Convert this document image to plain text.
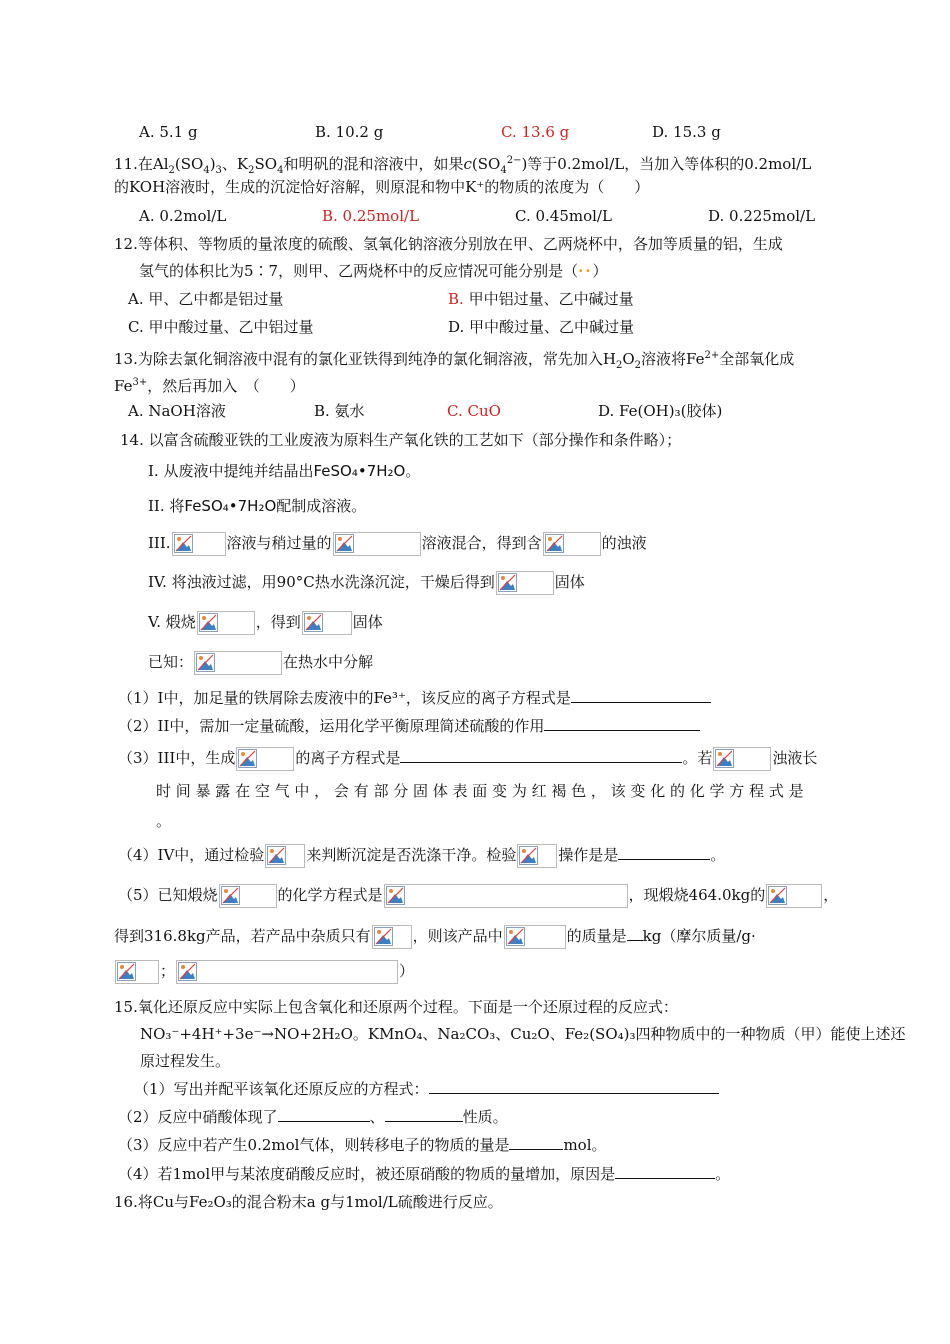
A. 5.1 g	B. 10.2 g	C. 13.6 g	D. 15.3 g
11.在$Al_2(SO_4)_3$、$K_2SO_4$和明矾的混和溶液中，如果$c(SO_4^{2-})$等于0.2mol/L，当加入等体积的0.2mol/L
的KOH溶液时，生成的沉淀恰好溶解，则原混和物中K⁺的物质的浓度为（　　）
A. 0.2mol/L	B. 0.25mol/L	C. 0.45mol/L	D. 0.225mol/L
12.等体积、等物质的量浓度的硫酸、氢氧化钠溶液分别放在甲、乙两烧杯中，各加等质量的铝，生成
氢气的体积比为5∶7，则甲、乙两烧杯中的反应情况可能分别是（··）
A. 甲、乙中都是铝过量	B. 甲中铝过量、乙中碱过量
C. 甲中酸过量、乙中铝过量	D. 甲中酸过量、乙中碱过量
13.为除去氯化铜溶液中混有的氯化亚铁得到纯净的氯化铜溶液，常先加入$H_2O_2$溶液将$Fe^{2+}$全部氧化成
$Fe^{3+}$，然后再加入　（　　）
A. NaOH溶液	B. 氨水	C. CuO	D. Fe(OH)₃(胶体)
14. 以富含硫酸亚铁的工业废液为原料生产氧化铁的工艺如下（部分操作和条件略）；
I. 从废液中提纯并结晶出FeSO₄•7H₂O。
II. 将FeSO₄•7H₂O配制成溶液。
III.	溶液与稍过量的	溶液混合，得到含	的浊液
IV. 将浊液过滤，用90°C热水洗涤沉淀，干燥后得到	固体
V. 煅烧	，得到	固体
已知：	在热水中分解
（1）I中，加足量的铁屑除去废液中的Fe³⁺，该反应的离子方程式是
（2）II中，需加一定量硫酸，运用化学平衡原理简述硫酸的作用
（3）III中，生成	的离子方程式是	。若	浊液长
时 间 暴 露 在 空 气 中 ， 会 有 部 分 固 体 表 面 变 为 红 褐 色 ， 该 变 化 的 化 学 方 程 式 是
。
（4）IV中，通过检验	来判断沉淀是否洗涤干净。检验	操作是是	。
（5）已知煅烧	的化学方程式是	，现煅烧464.0kg的	，
得到316.8kg产品，若产品中杂质只有	，则该产品中	的质量是 kg（摩尔质量/g·
；	）
15.氧化还原反应中实际上包含氧化和还原两个过程。下面是一个还原过程的反应式：
NO₃⁻+4H⁺+3e⁻→NO+2H₂O。KMnO₄、Na₂CO₃、Cu₂O、Fe₂(SO₄)₃四种物质中的一种物质（甲）能使上述还
原过程发生。
（1）写出并配平该氧化还原反应的方程式：
（2）反应中硝酸体现了	、	性质。
（3）反应中若产生0.2mol气体，则转移电子的物质的量是	mol。
（4）若1mol甲与某浓度硝酸反应时，被还原硝酸的物质的量增加，原因是	。
16.将Cu与Fe₂O₃的混合粉末a g与1mol/L硫酸进行反应。
